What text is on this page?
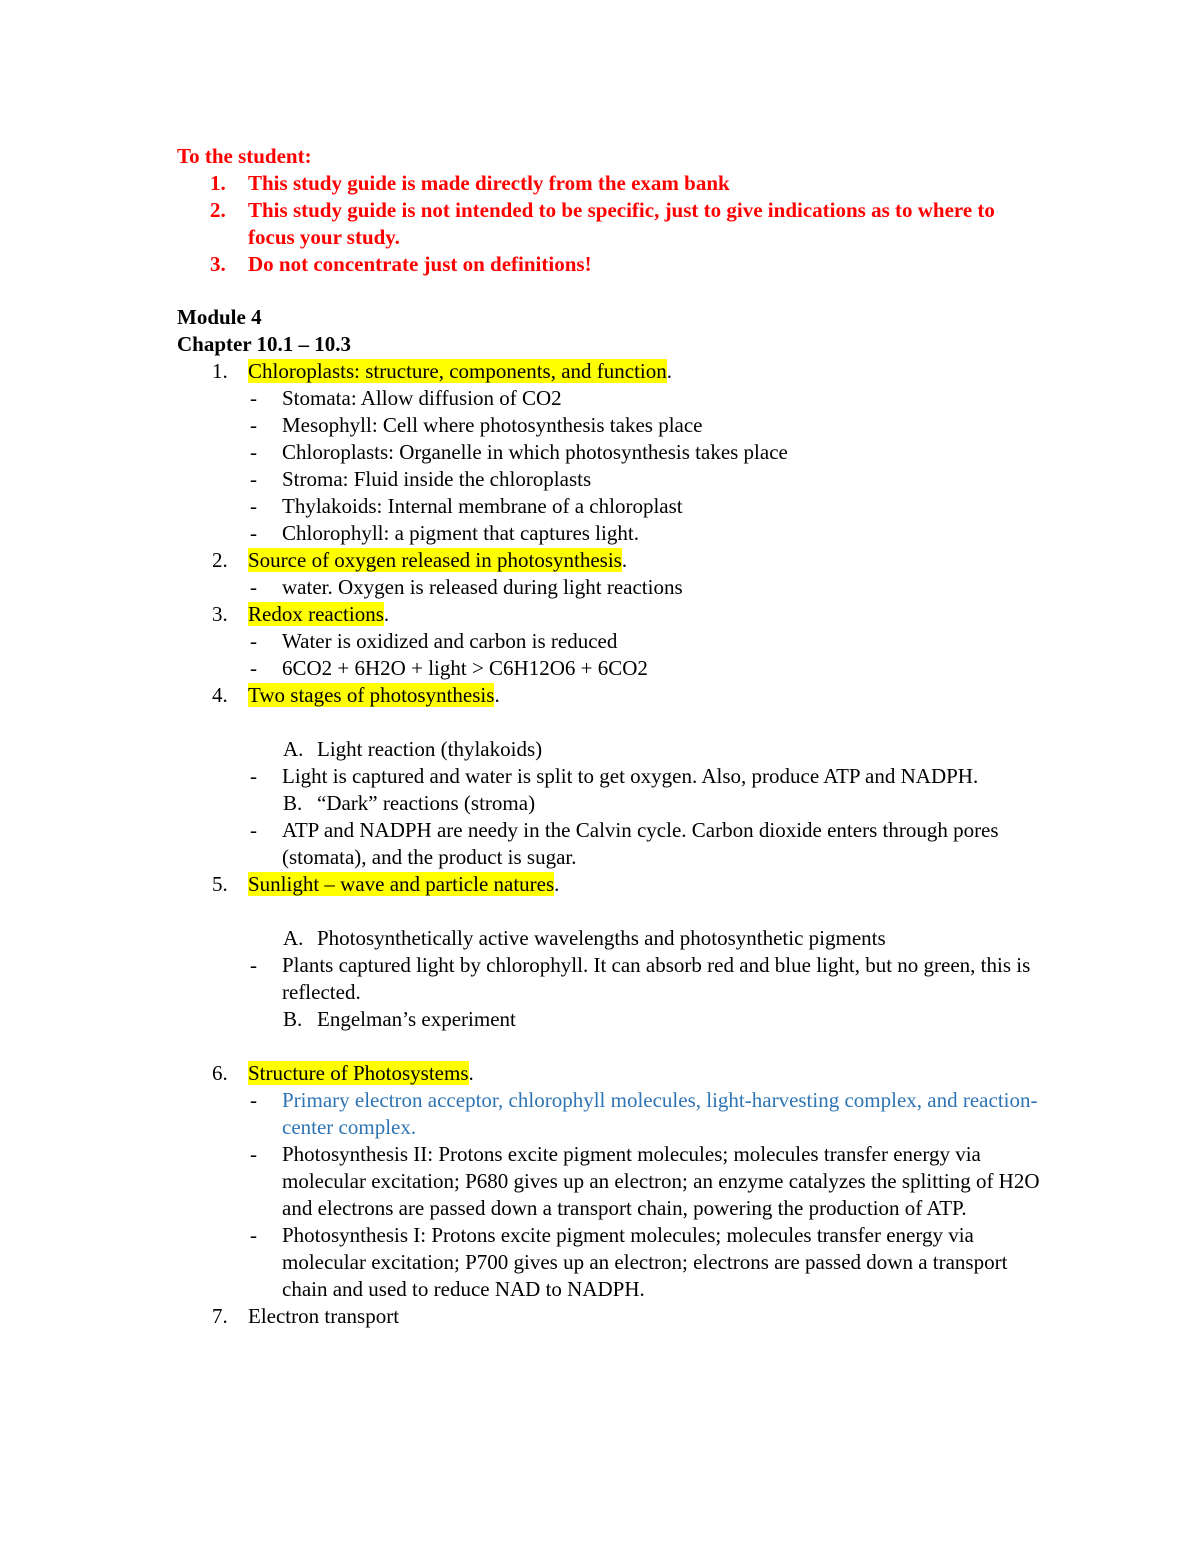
To the student:
1. This study guide is made directly from the exam bank
2. This study guide is not intended to be specific, just to give indications as to where to focus your study.
3. Do not concentrate just on definitions!
Module 4
Chapter 10.1 – 10.3
1. Chloroplasts: structure, components, and function.
- Stomata: Allow diffusion of CO2
- Mesophyll: Cell where photosynthesis takes place
- Chloroplasts: Organelle in which photosynthesis takes place
- Stroma: Fluid inside the chloroplasts
- Thylakoids: Internal membrane of a chloroplast
- Chlorophyll: a pigment that captures light.
2. Source of oxygen released in photosynthesis.
- water. Oxygen is released during light reactions
3. Redox reactions.
- Water is oxidized and carbon is reduced
- 6CO2 + 6H2O + light > C6H12O6 + 6CO2
4. Two stages of photosynthesis.
A. Light reaction (thylakoids)
- Light is captured and water is split to get oxygen. Also, produce ATP and NADPH.
B. “Dark” reactions (stroma)
- ATP and NADPH are needy in the Calvin cycle. Carbon dioxide enters through pores (stomata), and the product is sugar.
5. Sunlight – wave and particle natures.
A. Photosynthetically active wavelengths and photosynthetic pigments
- Plants captured light by chlorophyll. It can absorb red and blue light, but no green, this is reflected.
B. Engelman’s experiment
6. Structure of Photosystems.
- Primary electron acceptor, chlorophyll molecules, light-harvesting complex, and reaction-center complex.
- Photosynthesis II: Protons excite pigment molecules; molecules transfer energy via molecular excitation; P680 gives up an electron; an enzyme catalyzes the splitting of H2O and electrons are passed down a transport chain, powering the production of ATP.
- Photosynthesis I: Protons excite pigment molecules; molecules transfer energy via molecular excitation; P700 gives up an electron; electrons are passed down a transport chain and used to reduce NAD to NADPH.
7. Electron transport
